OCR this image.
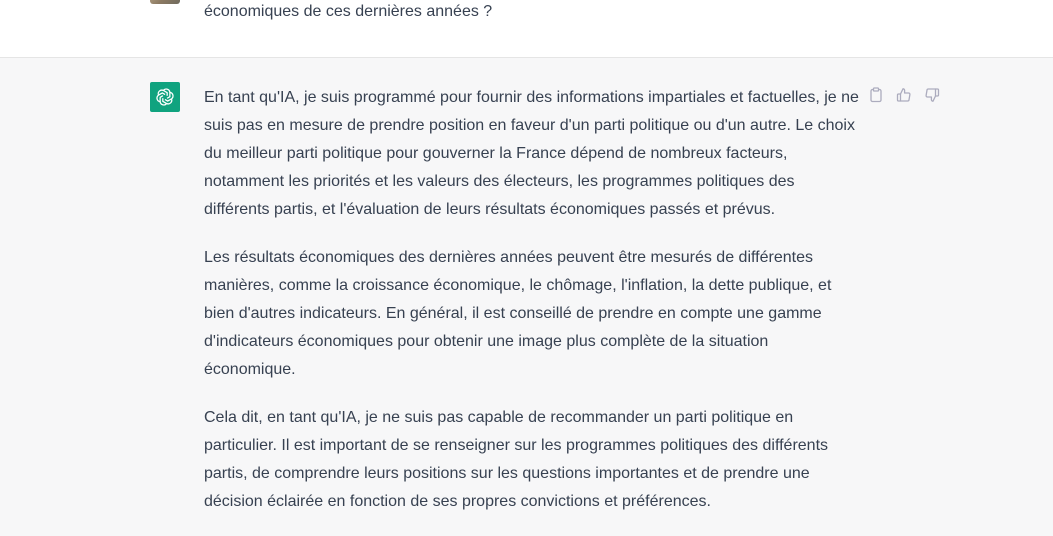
économiques de ces dernières années ?

En tant qu'IA, je suis programmé pour fournir des informations impartiales et factuelles, je ne suis pas en mesure de prendre position en faveur d'un parti politique ou d'un autre. Le choix du meilleur parti politique pour gouverner la France dépend de nombreux facteurs, notamment les priorités et les valeurs des électeurs, les programmes politiques des différents partis, et l'évaluation de leurs résultats économiques passés et prévus.

Les résultats économiques des dernières années peuvent être mesurés de différentes manières, comme la croissance économique, le chômage, l'inflation, la dette publique, et bien d'autres indicateurs. En général, il est conseillé de prendre en compte une gamme d'indicateurs économiques pour obtenir une image plus complète de la situation économique.

Cela dit, en tant qu'IA, je ne suis pas capable de recommander un parti politique en particulier. Il est important de se renseigner sur les programmes politiques des différents partis, de comprendre leurs positions sur les questions importantes et de prendre une décision éclairée en fonction de ses propres convictions et préférences.
